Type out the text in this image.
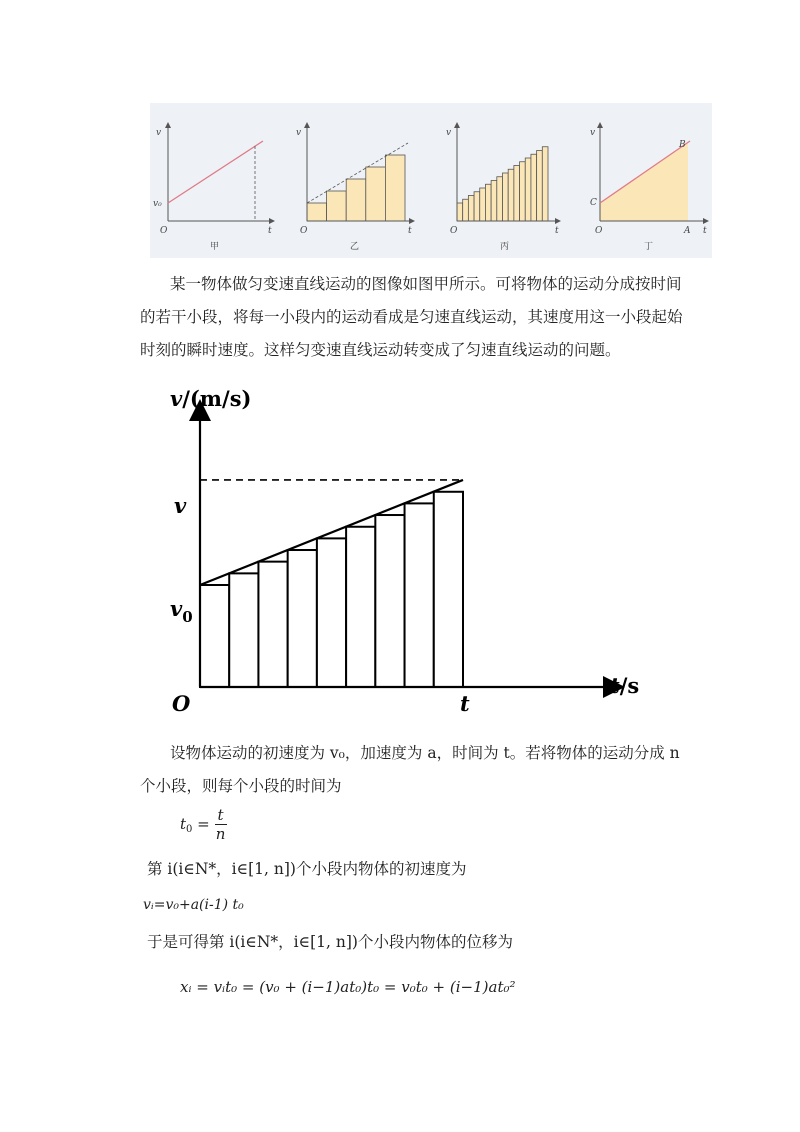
v
v₀
O	t
甲
v
O	t
乙
v
O	t
丙
v
C
B
O	A t
丁

某一物体做匀变速直线运动的图像如图甲所示。可将物体的运动分成按时间
的若干小段，将每一小段内的运动看成是匀速直线运动，其速度用这一小段起始
时刻的瞬时速度。这样匀变速直线运动转变成了匀速直线运动的问题。

v/(m/s)
t/s
O	t
v
v0

设物体运动的初速度为 v₀，加速度为 a，时间为 t。若将物体的运动分成 n
个小段，则每个小段的时间为

$t_0 = \frac{t}{n}$

第 i(i∈N*，i∈[1, n])个小段内物体的初速度为

vᵢ=v₀+a(i-1) t₀

于是可得第 i(i∈N*，i∈[1, n])个小段内物体的位移为

xᵢ = vᵢt₀ = (v₀ + (i−1)at₀)t₀ = v₀t₀ + (i−1)at₀²
